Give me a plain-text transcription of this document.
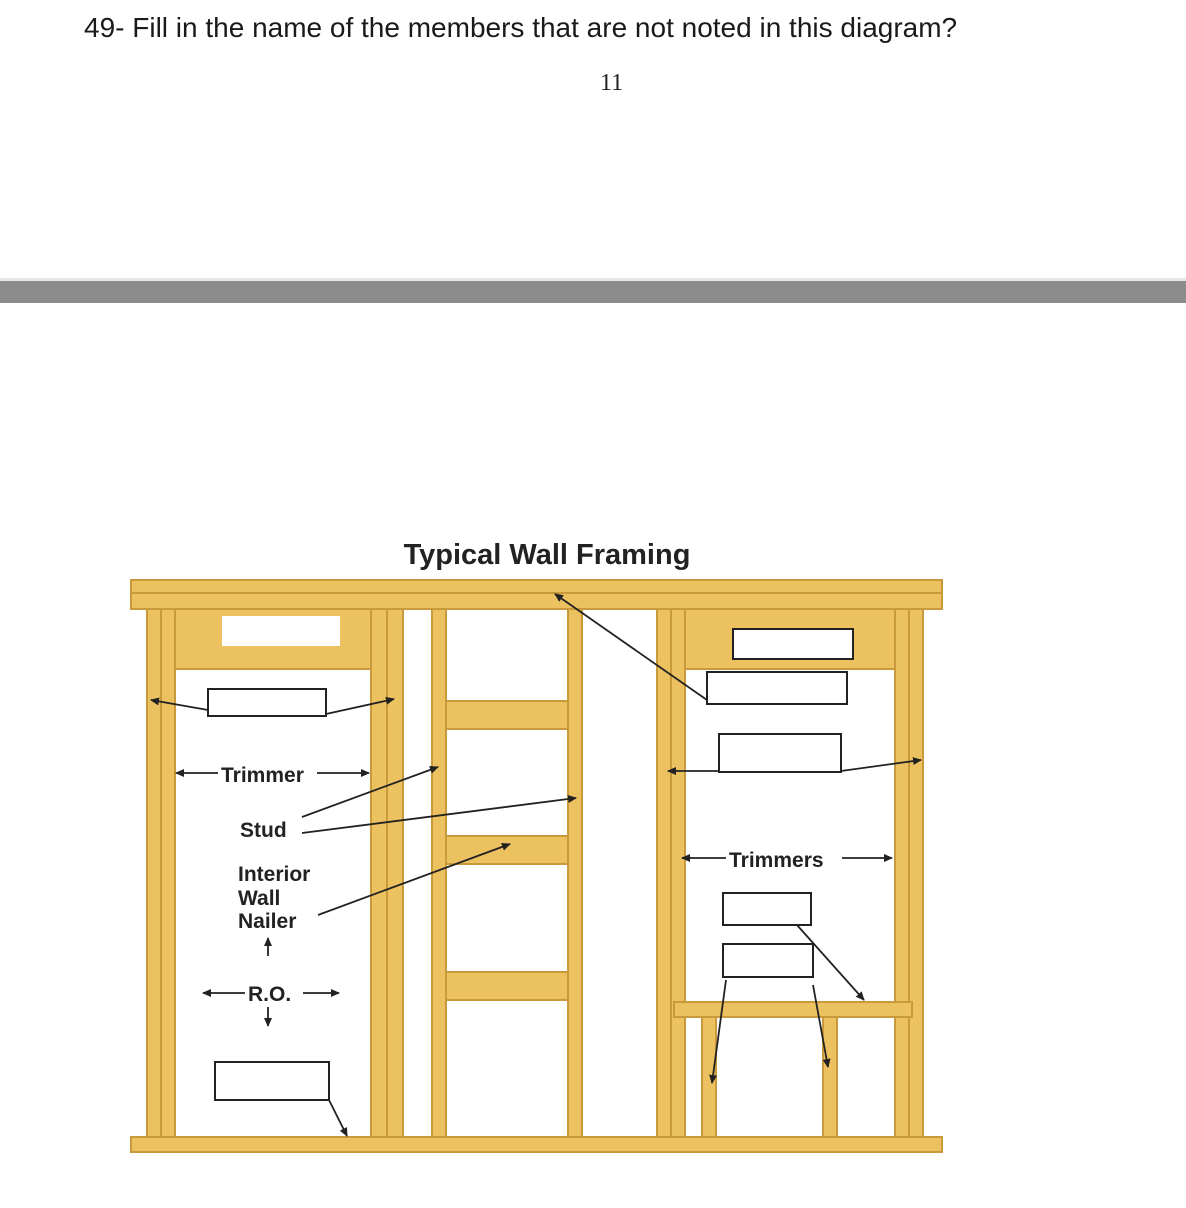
49- Fill in the name of the members that are not noted in this diagram?
11
Typical Wall Framing
Trimmer
Stud
Interior
Wall
Nailer
R.O.
Trimmers
